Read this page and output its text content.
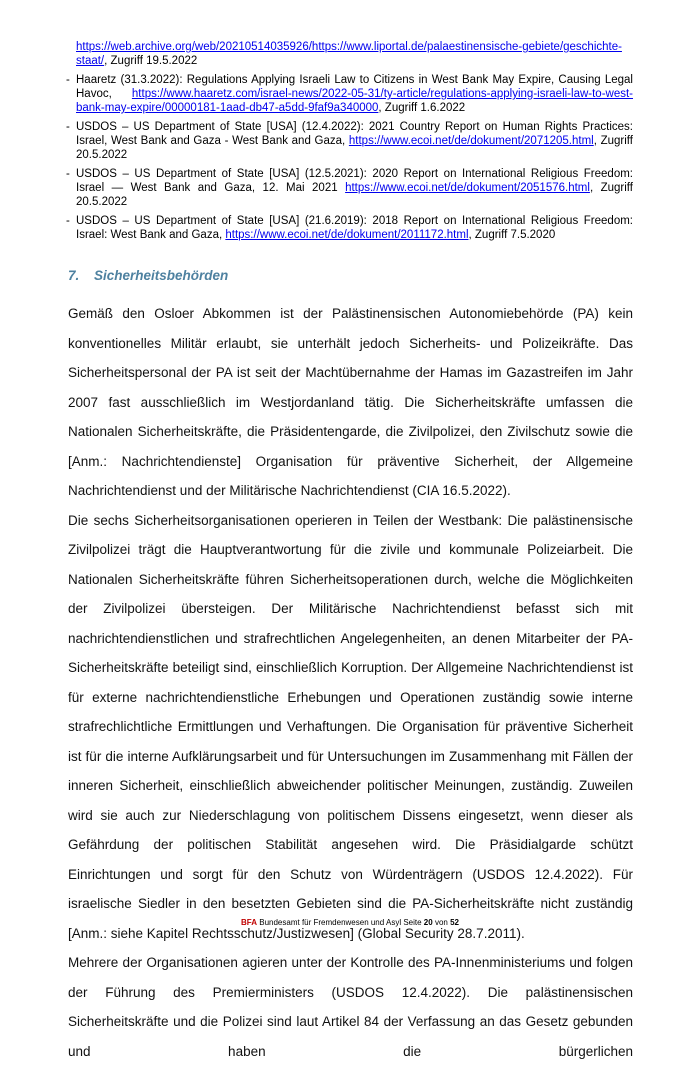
https://web.archive.org/web/20210514035926/https://www.liportal.de/palaestinensische-gebiete/geschichte-staat/, Zugriff 19.5.2022
- Haaretz (31.3.2022): Regulations Applying Israeli Law to Citizens in West Bank May Expire, Causing Legal Havoc, https://www.haaretz.com/israel-news/2022-05-31/ty-article/regulations-applying-israeli-law-to-west-bank-may-expire/00000181-1aad-db47-a5dd-9faf9a340000, Zugriff 1.6.2022
- USDOS – US Department of State [USA] (12.4.2022): 2021 Country Report on Human Rights Practices: Israel, West Bank and Gaza - West Bank and Gaza, https://www.ecoi.net/de/dokument/2071205.html, Zugriff 20.5.2022
- USDOS – US Department of State [USA] (12.5.2021): 2020 Report on International Religious Freedom: Israel — West Bank and Gaza, 12. Mai 2021 https://www.ecoi.net/de/dokument/2051576.html, Zugriff 20.5.2022
- USDOS – US Department of State [USA] (21.6.2019): 2018 Report on International Religious Freedom: Israel: West Bank and Gaza, https://www.ecoi.net/de/dokument/2011172.html, Zugriff 7.5.2020
7. Sicherheitsbehörden

Gemäß den Osloer Abkommen ist der Palästinensischen Autonomiebehörde (PA) kein konventionelles Militär erlaubt, sie unterhält jedoch Sicherheits- und Polizeikräfte. Das Sicherheitspersonal der PA ist seit der Machtübernahme der Hamas im Gazastreifen im Jahr 2007 fast ausschließlich im Westjordanland tätig. Die Sicherheitskräfte umfassen die Nationalen Sicherheitskräfte, die Präsidentengarde, die Zivilpolizei, den Zivilschutz sowie die [Anm.: Nachrichtendienste] Organisation für präventive Sicherheit, der Allgemeine Nachrichtendienst und der Militärische Nachrichtendienst (CIA 16.5.2022).

Die sechs Sicherheitsorganisationen operieren in Teilen der Westbank: Die palästinensische Zivilpolizei trägt die Hauptverantwortung für die zivile und kommunale Polizeiarbeit. Die Nationalen Sicherheitskräfte führen Sicherheitsoperationen durch, welche die Möglichkeiten der Zivilpolizei übersteigen. Der Militärische Nachrichtendienst befasst sich mit nachrichtendienstlichen und strafrechtlichen Angelegenheiten, an denen Mitarbeiter der PA-Sicherheitskräfte beteiligt sind, einschließlich Korruption. Der Allgemeine Nachrichtendienst ist für externe nachrichtendienstliche Erhebungen und Operationen zuständig sowie interne strafrechlichtliche Ermittlungen und Verhaftungen. Die Organisation für präventive Sicherheit ist für die interne Aufklärungsarbeit und für Untersuchungen im Zusammenhang mit Fällen der inneren Sicherheit, einschließlich abweichender politischer Meinungen, zuständig. Zuweilen wird sie auch zur Niederschlagung von politischem Dissens eingesetzt, wenn dieser als Gefährdung der politischen Stabilität angesehen wird. Die Präsidialgarde schützt Einrichtungen und sorgt für den Schutz von Würdenträgern (USDOS 12.4.2022). Für israelische Siedler in den besetzten Gebieten sind die PA-Sicherheitskräfte nicht zuständig [Anm.: siehe Kapitel Rechtsschutz/Justizwesen] (Global Security 28.7.2011).

Mehrere der Organisationen agieren unter der Kontrolle des PA-Innenministeriums und folgen der Führung des Premierministers (USDOS 12.4.2022). Die palästinensischen Sicherheitskräfte und die Polizei sind laut Artikel 84 der Verfassung an das Gesetz gebunden und haben die bürgerlichen

BFA Bundesamt für Fremdenwesen und Asyl Seite 20 von 52
